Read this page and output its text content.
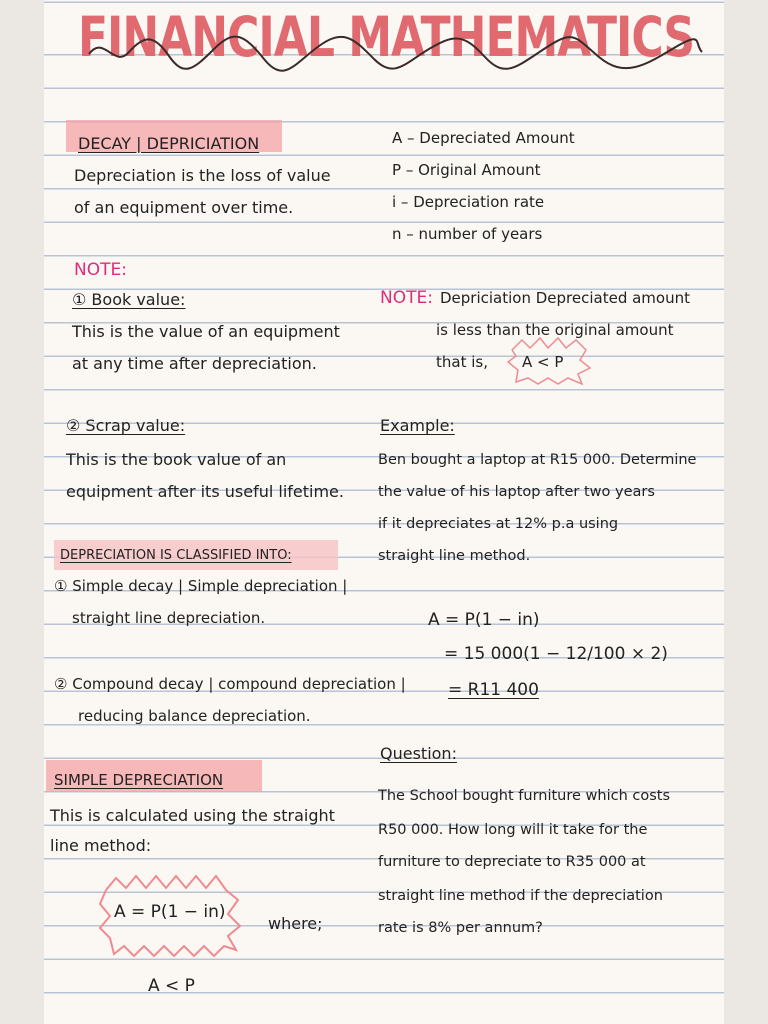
FINANCIAL MATHEMATICS
DECAY | DEPRICIATION
Depreciation is the loss of value
of an equipment over time.
NOTE:
① Book value:
This is the value of an equipment
at any time after depreciation.
② Scrap value:
This is the book value of an
equipment after its useful lifetime.
DEPRECIATION IS CLASSIFIED INTO:
① Simple decay | Simple depreciation |
straight line depreciation.
② Compound decay | compound depreciation |
reducing balance depreciation.
SIMPLE DEPRECIATION
This is calculated using the straight
line method:
A = P(1 − in)
where;
A < P
A – Depreciated Amount
P – Original Amount
i – Depreciation rate
n – number of years
NOTE: Depriciation Depreciated amount
is less than the original amount
that is, A < P
Example:
Ben bought a laptop at R15 000. Determine
the value of his laptop after two years
if it depreciates at 12% p.a using
straight line method.
A = P(1 − in)
= 15 000(1 − 12/100 × 2)
= R11 400
Question:
The School bought furniture which costs
R50 000. How long will it take for the
furniture to depreciate to R35 000 at
straight line method if the depreciation
rate is 8% per annum?
